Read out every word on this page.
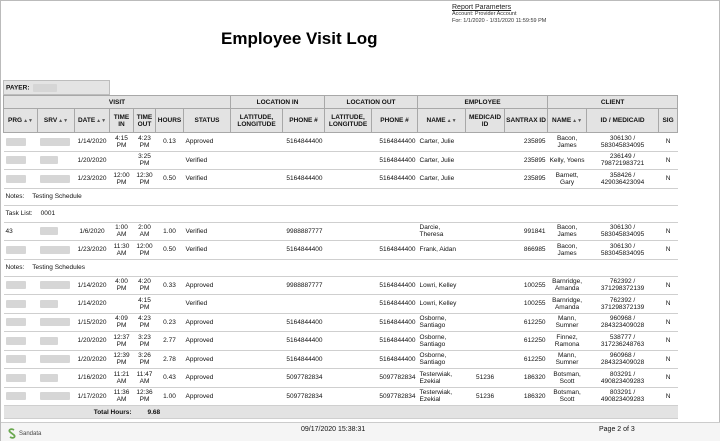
Report Parameters
Account: Provider Account
For: 1/1/2020 - 1/31/2020 11:59:59 PM
Employee Visit Log
PAYER:
VISIT							LOCATION IN		LOCATION OUT		EMPLOYEE			CLIENT		
PRG▲▼	SRV▲▼	DATE▲▼	TIME IN	TIME OUT	HOURS	STATUS	LATITUDE, LONGITUDE	PHONE #	LATITUDE, LONGITUDE	PHONE #	NAME▲▼	MEDICAID ID	SANTRAX ID	NAME▲▼	ID / MEDICAID	SIG
		1/14/2020	4:15 PM	4:23 PM	0.13	Approved		5164844400		5164844400	Carter, Julie		235895	Bacon, James	306130 / 583045834095	N
		1/20/2020		3:25 PM		Verified				5164844400	Carter, Julie		235895	Kelly, Yoens	236149 / 798721983721	N
		1/23/2020	12:00 PM	12:30 PM	0.50	Verified		5164844400		5164844400	Carter, Julie		235895	Barnett, Gary	358426 / 429036423094	N
Notes: Testing Schedule																
Task List: 0001																
43		1/6/2020	1:00 AM	2:00 AM	1.00	Verified		9988887777			Darcie, Theresa		991841	Bacon, James	306130 / 583045834095	N
		1/23/2020	11:30 AM	12:00 PM	0.50	Verified		5164844400		5164844400	Frank, Aidan		866985	Bacon, James	306130 / 583045834095	N
Notes: Testing Schedules																
		1/14/2020	4:00 PM	4:20 PM	0.33	Approved		9988887777		5164844400	Lowri, Kelley		100255	Barnridge, Amanda	762392 / 371298372139	N
		1/14/2020		4:15 PM		Verified				5164844400	Lowri, Kelley		100255	Barnridge, Amanda	762392 / 371298372139	N
		1/15/2020	4:09 PM	4:23 PM	0.23	Approved		5164844400		5164844400	Osborne, Santiago		612250	Mann, Sumner	960968 / 284323409028	N
		1/20/2020	12:37 PM	3:23 PM	2.77	Approved		5164844400		5164844400	Osborne, Santiago		612250	Finnez, Ramona	538777 / 317236248763	N
		1/20/2020	12:39 PM	3:26 PM	2.78	Approved		5164844400		5164844400	Osborne, Santiago		612250	Mann, Sumner	960968 / 284323409028	N
		1/16/2020	11:21 AM	11:47 AM	0.43	Approved		5097782834		5097782834	Testerwiak, Ezekial	51236	186320	Botsman, Scott	803291 / 490823409283	N
		1/17/2020	11:36 AM	12:36 PM	1.00	Approved		5097782834		5097782834	Testerwiak, Ezekial	51236	186320	Botsman, Scott	803291 / 490823409283	N
Total Hours:				9.68												
Sandata
09/17/2020 15:38:31	Page 2 of 3
